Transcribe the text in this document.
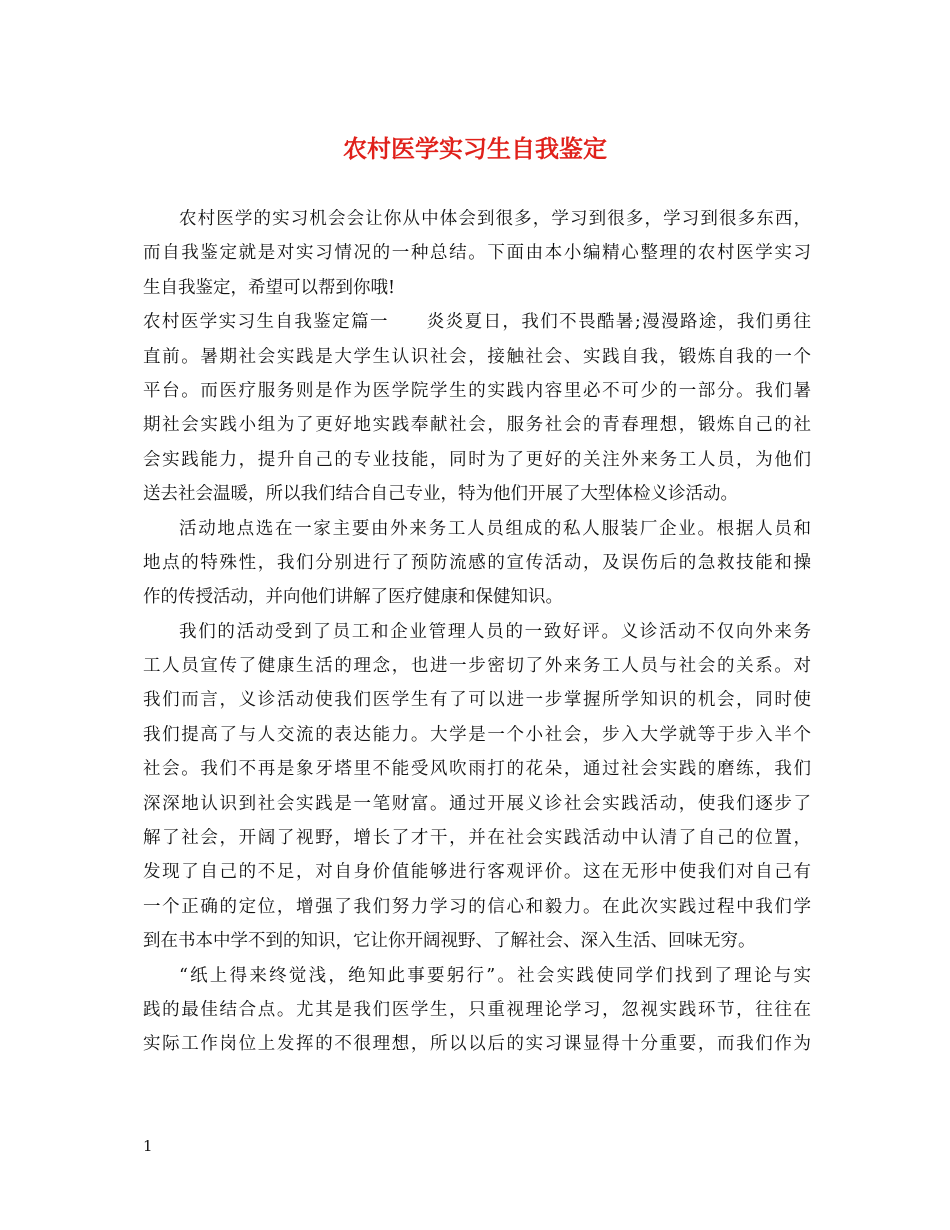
农村医学实习生自我鉴定
农村医学的实习机会会让你从中体会到很多，学习到很多，学习到很多东西，
而自我鉴定就是对实习情况的一种总结。下面由本小编精心整理的农村医学实习
生自我鉴定，希望可以帮到你哦!
农村医学实习生自我鉴定篇一　　炎炎夏日，我们不畏酷暑;漫漫路途，我们勇往
直前。暑期社会实践是大学生认识社会，接触社会、实践自我，锻炼自我的一个
平台。而医疗服务则是作为医学院学生的实践内容里必不可少的一部分。我们暑
期社会实践小组为了更好地实践奉献社会，服务社会的青春理想，锻炼自己的社
会实践能力，提升自己的专业技能，同时为了更好的关注外来务工人员，为他们
送去社会温暖，所以我们结合自己专业，特为他们开展了大型体检义诊活动。
活动地点选在一家主要由外来务工人员组成的私人服装厂企业。根据人员和
地点的特殊性，我们分别进行了预防流感的宣传活动，及误伤后的急救技能和操
作的传授活动，并向他们讲解了医疗健康和保健知识。
我们的活动受到了员工和企业管理人员的一致好评。义诊活动不仅向外来务
工人员宣传了健康生活的理念，也进一步密切了外来务工人员与社会的关系。对
我们而言，义诊活动使我们医学生有了可以进一步掌握所学知识的机会，同时使
我们提高了与人交流的表达能力。大学是一个小社会，步入大学就等于步入半个
社会。我们不再是象牙塔里不能受风吹雨打的花朵，通过社会实践的磨练，我们
深深地认识到社会实践是一笔财富。通过开展义诊社会实践活动，使我们逐步了
解了社会，开阔了视野，增长了才干，并在社会实践活动中认清了自己的位置，
发现了自己的不足，对自身价值能够进行客观评价。这在无形中使我们对自己有
一个正确的定位，增强了我们努力学习的信心和毅力。在此次实践过程中我们学
到在书本中学不到的知识，它让你开阔视野、了解社会、深入生活、回味无穷。
“纸上得来终觉浅，绝知此事要躬行”。社会实践使同学们找到了理论与实
践的最佳结合点。尤其是我们医学生，只重视理论学习，忽视实践环节，往往在
实际工作岗位上发挥的不很理想，所以以后的实习课显得十分重要，而我们作为
1
